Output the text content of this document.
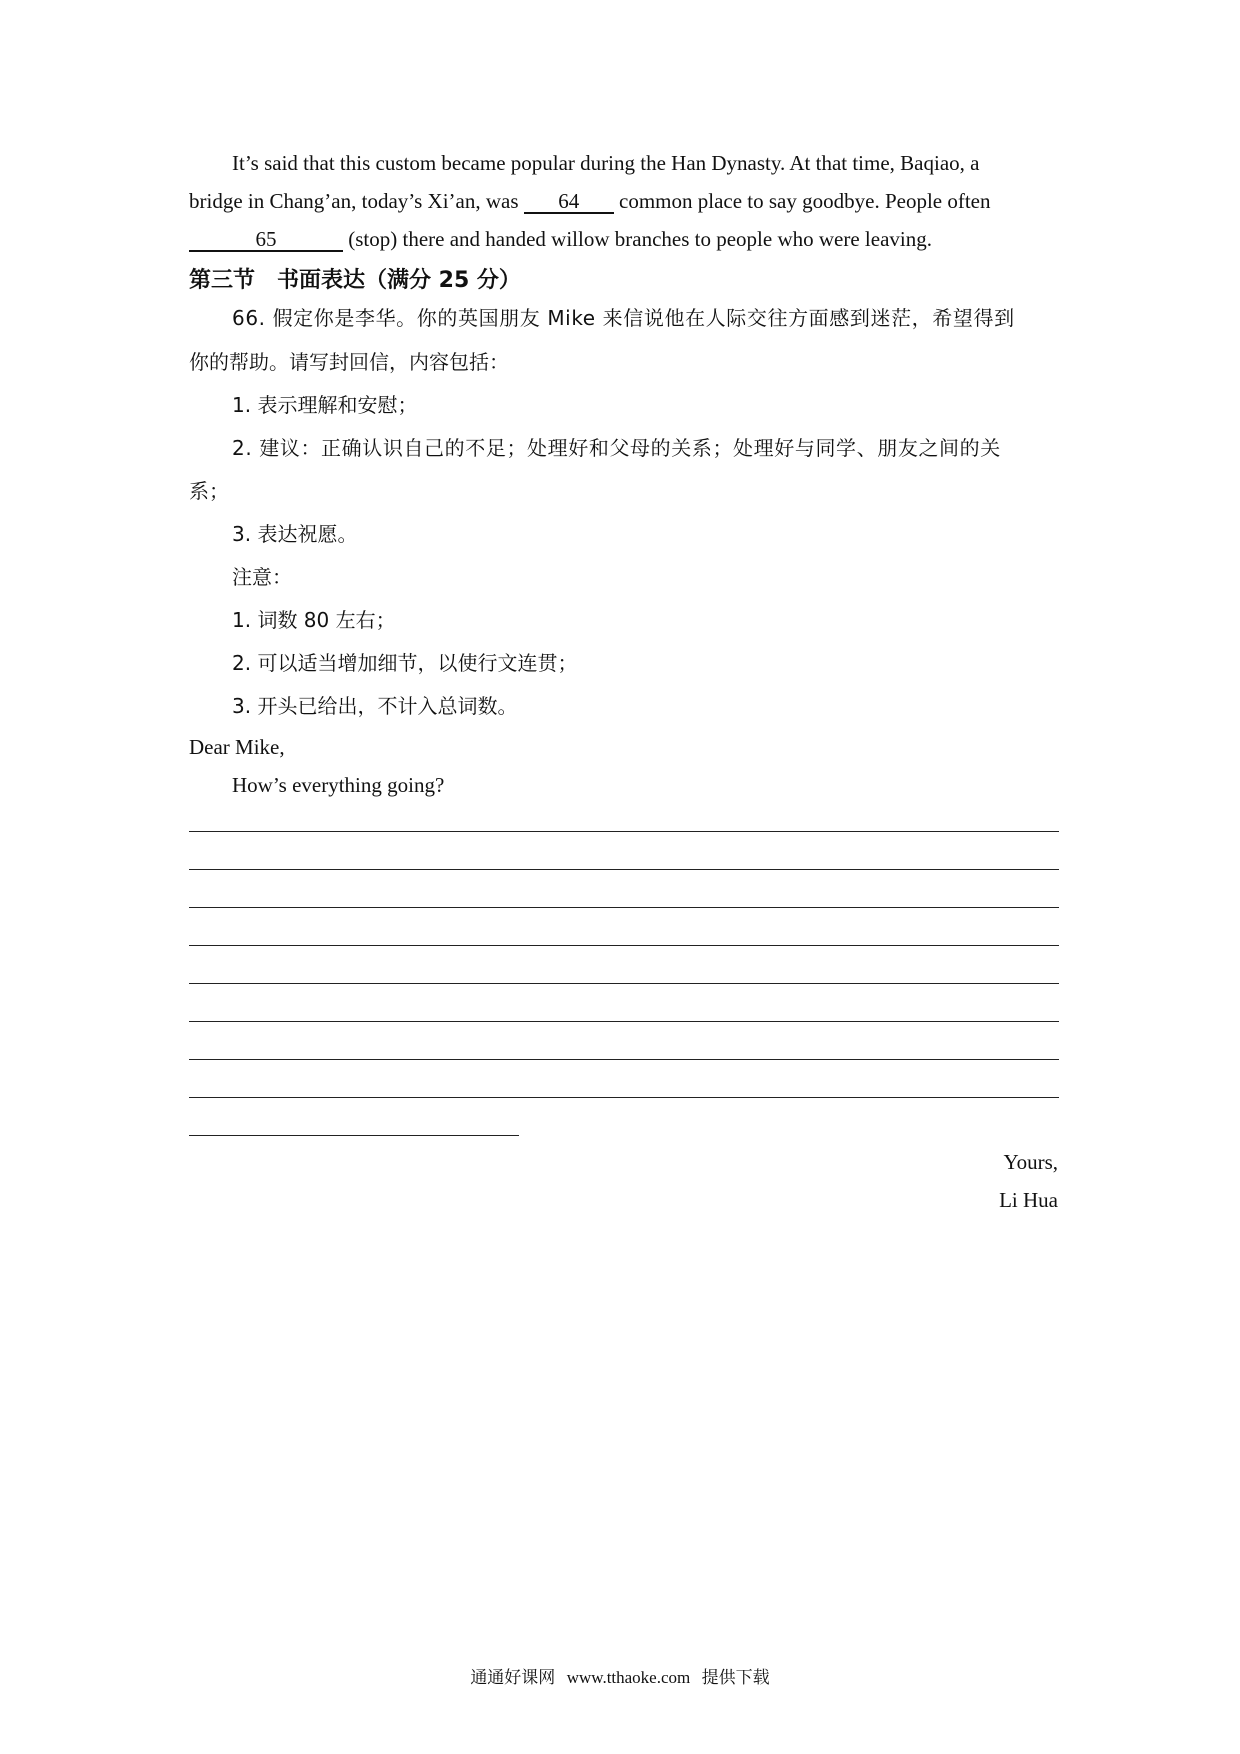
It’s said that this custom became popular during the Han Dynasty. At that time, Baqiao, a
bridge in Chang’an, today’s Xi’an, was 64 common place to say goodbye. People often
65	(stop) there and handed willow branches to people who were leaving.
第三节　书面表达（满分 25 分）
66. 假定你是李华。你的英国朋友 Mike 来信说他在人际交往方面感到迷茫，希望得到
你的帮助。请写封回信，内容包括：
1. 表示理解和安慰；
2. 建议：正确认识自己的不足；处理好和父母的关系；处理好与同学、朋友之间的关
系；
3. 表达祝愿。
注意：
1. 词数 80 左右；
2. 可以适当增加细节，以使行文连贯；
3. 开头已给出，不计入总词数。
Dear Mike,
How’s everything going?
Yours,
Li Hua
通通好课网 www.tthaoke.com 提供下载
